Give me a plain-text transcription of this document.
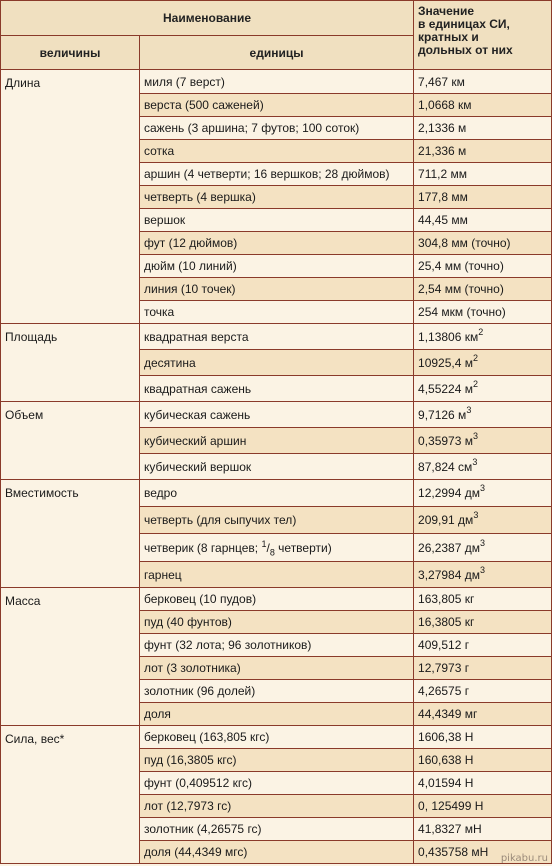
Наименование		Значение
в единицах СИ,
кратных и
дольных от них
величины	единицы	
Длина	миля (7 верст)	7,467 км
	верста (500 саженей)	1,0668 км
	сажень (3 аршина; 7 футов; 100 соток)	2,1336 м
	сотка	21,336 м
	аршин (4 четверти; 16 вершков; 28 дюймов)	711,2 мм
	четверть (4 вершка)	177,8 мм
	вершок	44,45 мм
	фут (12 дюймов)	304,8 мм (точно)
	дюйм (10 линий)	25,4 мм (точно)
	линия (10 точек)	2,54 мм (точно)
	точка	254 мкм (точно)
Площадь	квадратная верста	1,13806 $км^2$
	десятина	10925,4 $м^2$
	квадратная сажень	4,55224 $м^2$
Объем	кубическая сажень	9,7126 $м^3$
	кубический аршин	0,35973 $м^3$
	кубический вершок	87,824 $см^3$
Вместимость	ведро	12,2994 $дм^3$
	четверть (для сыпучих тел)	209,91 $дм^3$
	четверик (8 гарнцев; $^1/_8$ четверти)	26,2387 $дм^3$
	гарнец	3,27984 $дм^3$
Масса	берковец (10 пудов)	163,805 кг
	пуд (40 фунтов)	16,3805 кг
	фунт (32 лота; 96 золотников)	409,512 г
	лот (3 золотника)	12,7973 г
	золотник (96 долей)	4,26575 г
	доля	44,4349 мг
Сила, вес*	берковец (163,805 кгс)	1606,38 Н
	пуд (16,3805 кгс)	160,638 Н
	фунт (0,409512 кгс)	4,01594 Н
	лот (12,7973 гс)	0, 125499 Н
	золотник (4,26575 гс)	41,8327 мН
	доля (44,4349 мгс)	0,435758 мН pikabu.ru
